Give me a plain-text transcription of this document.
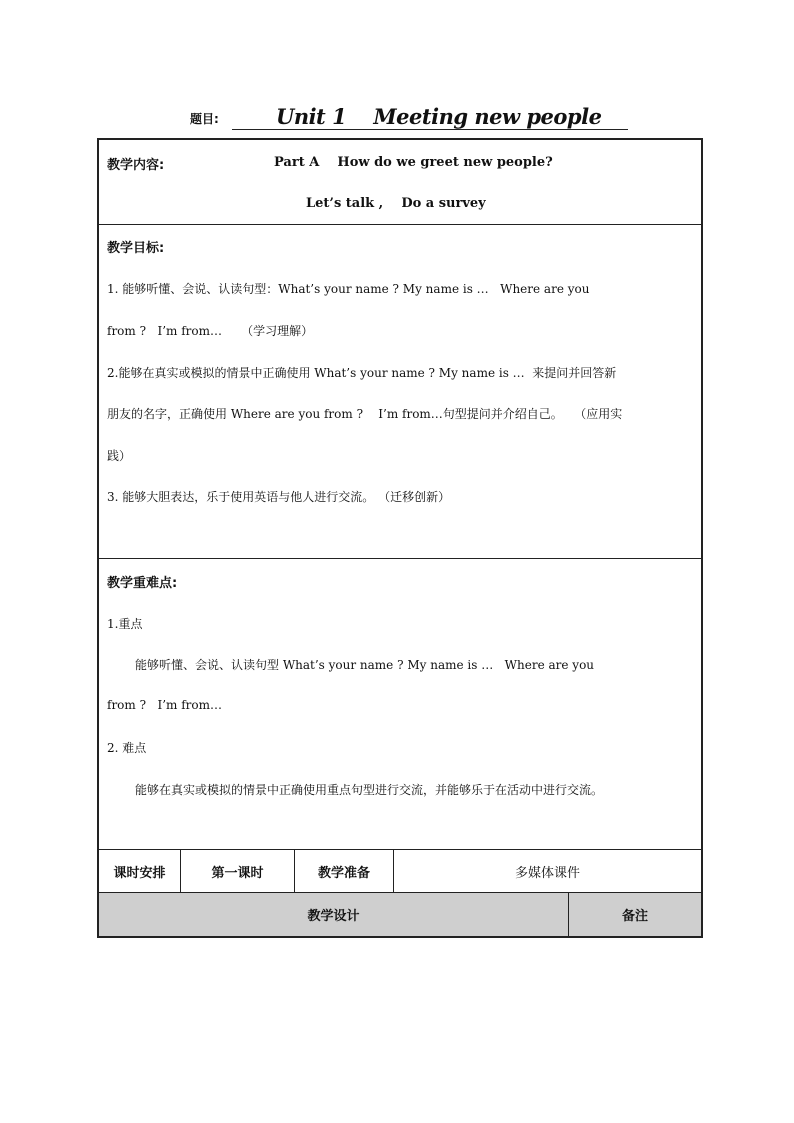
题目:	Unit 1    Meeting new people
教学内容:	Part A    How do we greet new people?
Let’s talk ,    Do a survey
教学目标:
1. 能够听懂、会说、认读句型：What’s your name ? My name is …   Where are you
from ?   I’m from…     （学习理解）
2.能够在真实或模拟的情景中正确使用 What’s your name ? My name is …  来提问并回答新
朋友的名字，正确使用 Where are you from ?    I’m from…句型提问并介绍自己。   （应用实
践）
3. 能够大胆表达，乐于使用英语与他人进行交流。 （迁移创新）
教学重难点:
1.重点
能够听懂、会说、认读句型 What’s your name ? My name is …   Where are you
from ?   I’m from…
2. 难点
能够在真实或模拟的情景中正确使用重点句型进行交流，并能够乐于在活动中进行交流。
课时安排	第一课时	教学准备	多媒体课件
教学设计	备注
